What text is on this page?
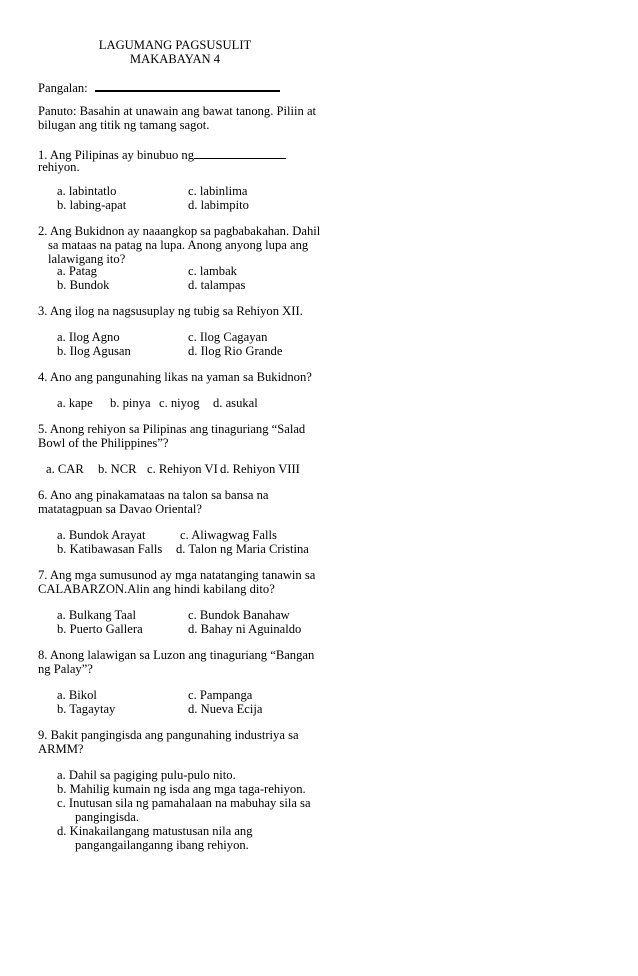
LAGUMANG PAGSUSULIT
MAKABAYAN 4
Pangalan:
Panuto: Basahin at unawain ang bawat tanong. Piliin at
bilugan ang titik ng tamang sagot.
1. Ang Pilipinas ay binubuo ng
rehiyon.
a. labintatlo
b. labing-apat
c. labinlima
d. labimpito
2. Ang Bukidnon ay naaangkop sa pagbabakahan. Dahil
sa mataas na patag na lupa. Anong anyong lupa ang
lalawigang ito?
a. Patag
b. Bundok
c. lambak
d. talampas
3. Ang ilog na nagsusuplay ng tubig sa Rehiyon XII.
a. Ilog Agno
b. Ilog Agusan
c. Ilog Cagayan
d. Ilog Rio Grande
4. Ano ang pangunahing likas na yaman sa Bukidnon?
a. kape b. pinya c. niyog d. asukal
5. Anong rehiyon sa Pilipinas ang tinaguriang “Salad
Bowl of the Philippines”?
a. CAR b. NCR c. Rehiyon VI d. Rehiyon VIII
6. Ano ang pinakamataas na talon sa bansa na
matatagpuan sa Davao Oriental?
a. Bundok Arayat
b. Katibawasan Falls
c. Aliwagwag Falls
d. Talon ng Maria Cristina
7. Ang mga sumusunod ay mga natatanging tanawin sa
CALABARZON.Alin ang hindi kabilang dito?
a. Bulkang Taal
b. Puerto Gallera
c. Bundok Banahaw
d. Bahay ni Aguinaldo
8. Anong lalawigan sa Luzon ang tinaguriang “Bangan
ng Palay”?
a. Bikol
b. Tagaytay
c. Pampanga
d. Nueva Ecija
9. Bakit pangingisda ang pangunahing industriya sa
ARMM?
a. Dahil sa pagiging pulu-pulo nito.
b. Mahilig kumain ng isda ang mga taga-rehiyon.
c. Inutusan sila ng pamahalaan na mabuhay sila sa
pangingisda.
d. Kinakailangang matustusan nila ang
pangangailanganng ibang rehiyon.
